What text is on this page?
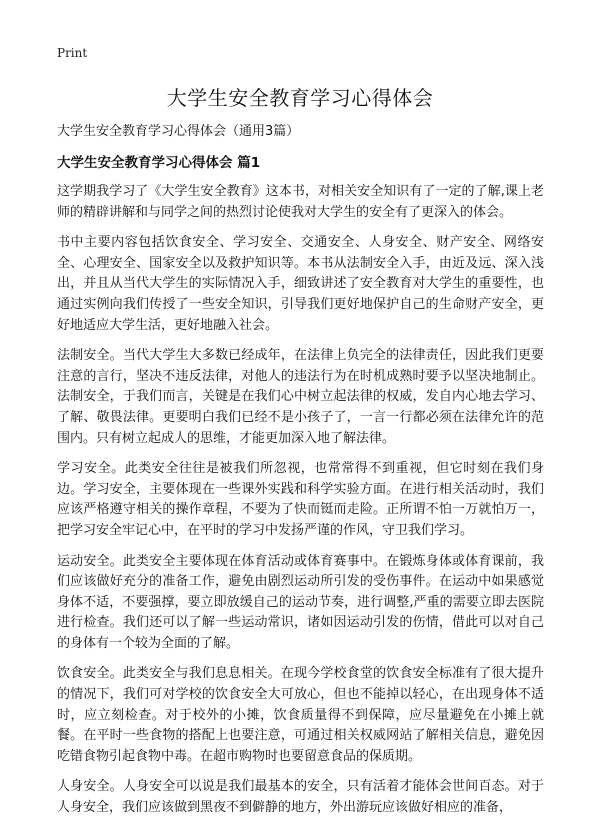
Print
大学生安全教育学习心得体会

大学生安全教育学习心得体会（通用3篇）

大学生安全教育学习心得体会 篇1

这学期我学习了《大学生安全教育》这本书，对相关安全知识有了一定的了解,课上老师的精辟讲解和与同学之间的热烈讨论使我对大学生的安全有了更深入的体会。

书中主要内容包括饮食安全、学习安全、交通安全、人身安全、财产安全、网络安全、心理安全、国家安全以及救护知识等。本书从法制安全入手，由近及远、深入浅出，并且从当代大学生的实际情况入手，细致讲述了安全教育对大学生的重要性，也通过实例向我们传授了一些安全知识，引导我们更好地保护自己的生命财产安全，更好地适应大学生活，更好地融入社会。

法制安全。当代大学生大多数已经成年，在法律上负完全的法律责任，因此我们更要注意的言行，坚决不违反法律，对他人的违法行为在时机成熟时要予以坚决地制止。法制安全，于我们而言，关键是在我们心中树立起法律的权威，发自内心地去学习、了解、敬畏法律。更要明白我们已经不是小孩子了，一言一行都必须在法律允许的范围内。只有树立起成人的思维，才能更加深入地了解法律。

学习安全。此类安全往往是被我们所忽视，也常常得不到重视，但它时刻在我们身边。学习安全，主要体现在一些课外实践和科学实验方面。在进行相关活动时，我们应该严格遵守相关的操作章程，不要为了快而铤而走险。正所谓不怕一万就怕万一，把学习安全牢记心中，在平时的学习中发扬严谨的作风，守卫我们学习。

运动安全。此类安全主要体现在体育活动或体育赛事中。在锻炼身体或体育课前，我们应该做好充分的准备工作，避免由剧烈运动所引发的受伤事件。在运动中如果感觉身体不适，不要强撑，要立即放缓自己的运动节奏，进行调整,严重的需要立即去医院进行检查。我们还可以了解一些运动常识，诸如因运动引发的伤情，借此可以对自己的身体有一个较为全面的了解。

饮食安全。此类安全与我们息息相关。在现今学校食堂的饮食安全标准有了很大提升的情况下，我们可对学校的饮食安全大可放心，但也不能掉以轻心，在出现身体不适时，应立刻检查。对于校外的小摊，饮食质量得不到保障，应尽量避免在小摊上就餐。在平时一些食物的搭配上也要注意，可通过相关权威网站了解相关信息，避免因吃错食物引起食物中毒。在超市购物时也要留意食品的保质期。

人身安全。人身安全可以说是我们最基本的安全，只有活着才能体会世间百态。对于人身安全，我们应该做到黑夜不到僻静的地方，外出游玩应该做好相应的准备，
